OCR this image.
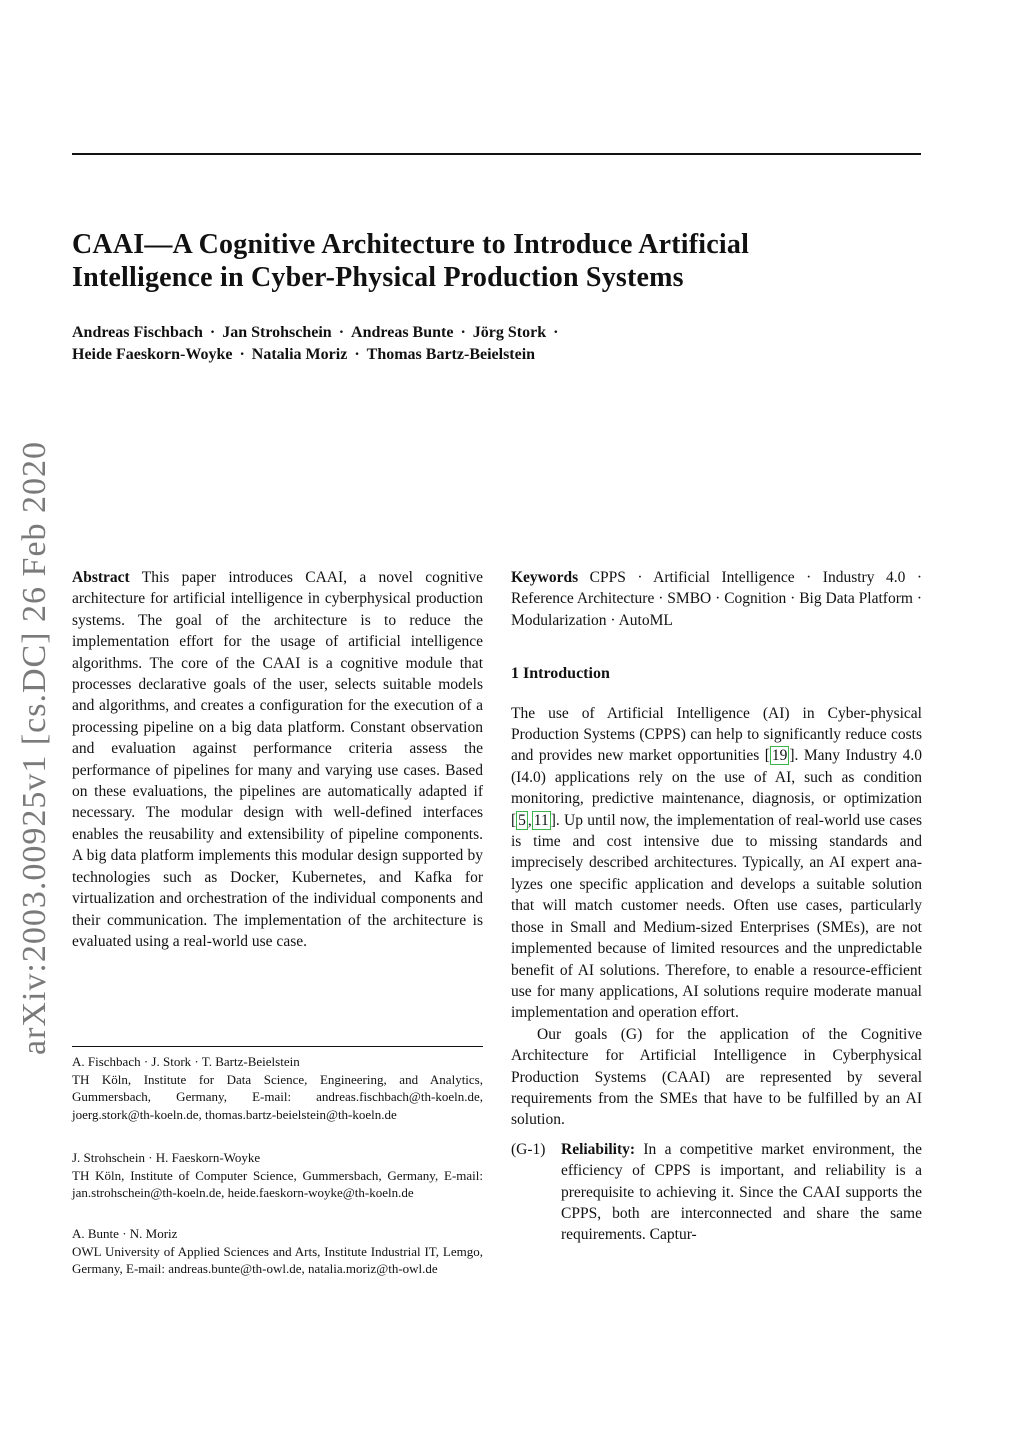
CAAI—A Cognitive Architecture to Introduce Artificial
Intelligence in Cyber-Physical Production Systems
Andreas Fischbach · Jan Strohschein · Andreas Bunte · Jörg Stork ·
Heide Faeskorn-Woyke · Natalia Moriz · Thomas Bartz-Beielstein
arXiv:2003.00925v1 [cs.DC] 26 Feb 2020 Abstract This paper introduces CAAI, a novel cognitive architecture for artificial intelligence in cyberphysical production systems. The goal of the architecture is to reduce the implementation effort for the usage of artificial intelligence algorithms. The core of the CAAI is a cognitive module that processes declarative goals of the user, selects suitable models and algorithms, and creates a configuration for the execution of a processing pipeline on a big data platform. Constant observation and evaluation against performance criteria assess the performance of pipelines for many and varying use cases. Based on these evaluations, the pipelines are automatically adapted if necessary. The modular design with well-defined interfaces enables the reusability and extensibility of pipeline components. A big data platform implements this modular design supported by technologies such as Docker, Kubernetes, and Kafka for virtualization and orchestration of the individual components and their communication. The implementation of the architecture is evaluated using a real-world use case.
A. Fischbach · J. Stork · T. Bartz-Beielstein
TH Köln, Institute for Data Science, Engineering, and Analytics, Gummersbach, Germany, E-mail: andreas.fischbach@th-koeln.de, joerg.stork@th-koeln.de, thomas.bartz-beielstein@th-koeln.de
J. Strohschein · H. Faeskorn-Woyke
TH Köln, Institute of Computer Science, Gummersbach, Germany, E-mail: jan.strohschein@th-koeln.de, heide.faeskorn-woyke@th-koeln.de
A. Bunte · N. Moriz
OWL University of Applied Sciences and Arts, Institute Industrial IT, Lemgo, Germany, E-mail: andreas.bunte@th-owl.de, natalia.moriz@th-owl.de

Keywords CPPS · Artificial Intelligence · Industry 4.0 · Reference Architecture · SMBO · Cognition · Big Data Platform · Modularization · AutoML

1 Introduction

The use of Artificial Intelligence (AI) in Cyber-physical Production Systems (CPPS) can help to significantly reduce costs and provides new market opportunities [ 19 ]. Many Industry 4.0 (I4.0) applications rely on the use of AI, such as condition monitoring, predictive maintenance, diagnosis, or optimization [ 5 , 11 ]. Up until now, the implementation of real-world use cases is time and cost intensive due to missing standards and imprecisely described architectures. Typically, an AI expert analyzes one specific application and develops a suitable solution that will match customer needs. Often use cases, particularly those in Small and Medium-sized Enterprises (SMEs), are not implemented because of limited resources and the unpredictable benefit of AI solutions. Therefore, to enable a resource-efficient use for many applications, AI solutions require moderate manual implementation and operation effort.

Our goals (G) for the application of the Cognitive Architecture for Artificial Intelligence in Cyberphysical Production Systems (CAAI) are represented by several requirements from the SMEs that have to be fulfilled by an AI solution.

(G-1)	Reliability: In a competitive market environment, the efficiency of CPPS is important, and reliability is a prerequisite to achieving it. Since the CAAI supports the CPPS, both are interconnected and share the same requirements. Captur-
